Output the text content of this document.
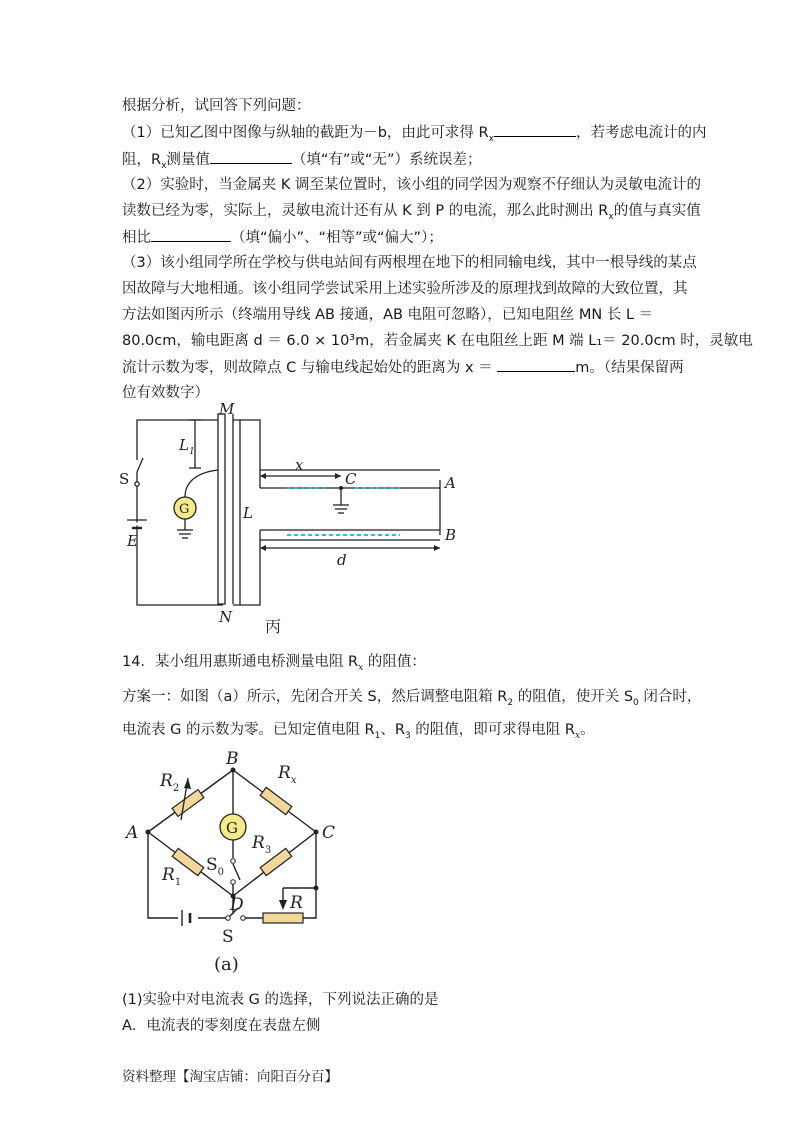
根据分析，试回答下列问题：
（1）已知乙图中图像与纵轴的截距为－b，由此可求得 $R_x$	，若考虑电流计的内
阻，$R_x$测量值	（填“有”或“无”）系统误差；
（2）实验时，当金属夹 K 调至某位置时，该小组的同学因为观察不仔细认为灵敏电流计的
读数已经为零，实际上，灵敏电流计还有从 K 到 P 的电流，那么此时测出 $R_x$的值与真实值
相比	（填“偏小”、“相等”或“偏大”）；
（3）该小组同学所在学校与供电站间有两根埋在地下的相同输电线，其中一根导线的某点
因故障与大地相通。该小组同学尝试采用上述实验所涉及的原理找到故障的大致位置，其
方法如图丙所示（终端用导线 AB 接通，AB 电阻可忽略），已知电阻丝 MN 长 L ＝
80.0cm，输电距离 d ＝ 6.0 × 10³m，若金属夹 K 在电阻丝上距 M 端 L₁＝ 20.0cm 时，灵敏电
流计示数为零，则故障点 C 与输电线起始处的距离为 x ＝	m。（结果保留两
位有效数字）
M
N
$L_1$
L
S
G
E
x
C	A
B
d
丙
14．某小组用惠斯通电桥测量电阻 $R_x$ 的阻值：
方案一：如图（a）所示，先闭合开关 S，然后调整电阻箱 $R_2$ 的阻值，使开关 $S_0$ 闭合时，
电流表 G 的示数为零。已知定值电阻 $R_1$、$R_3$ 的阻值，即可求得电阻 $R_x$。
B
A	C
D
$R_2$
$R_x$
G
$R_3$
$R_1$
$S_0$
R
S
(a)
(1)实验中对电流表 G 的选择，下列说法正确的是
A．电流表的零刻度在表盘左侧
资料整理【淘宝店铺：向阳百分百】
